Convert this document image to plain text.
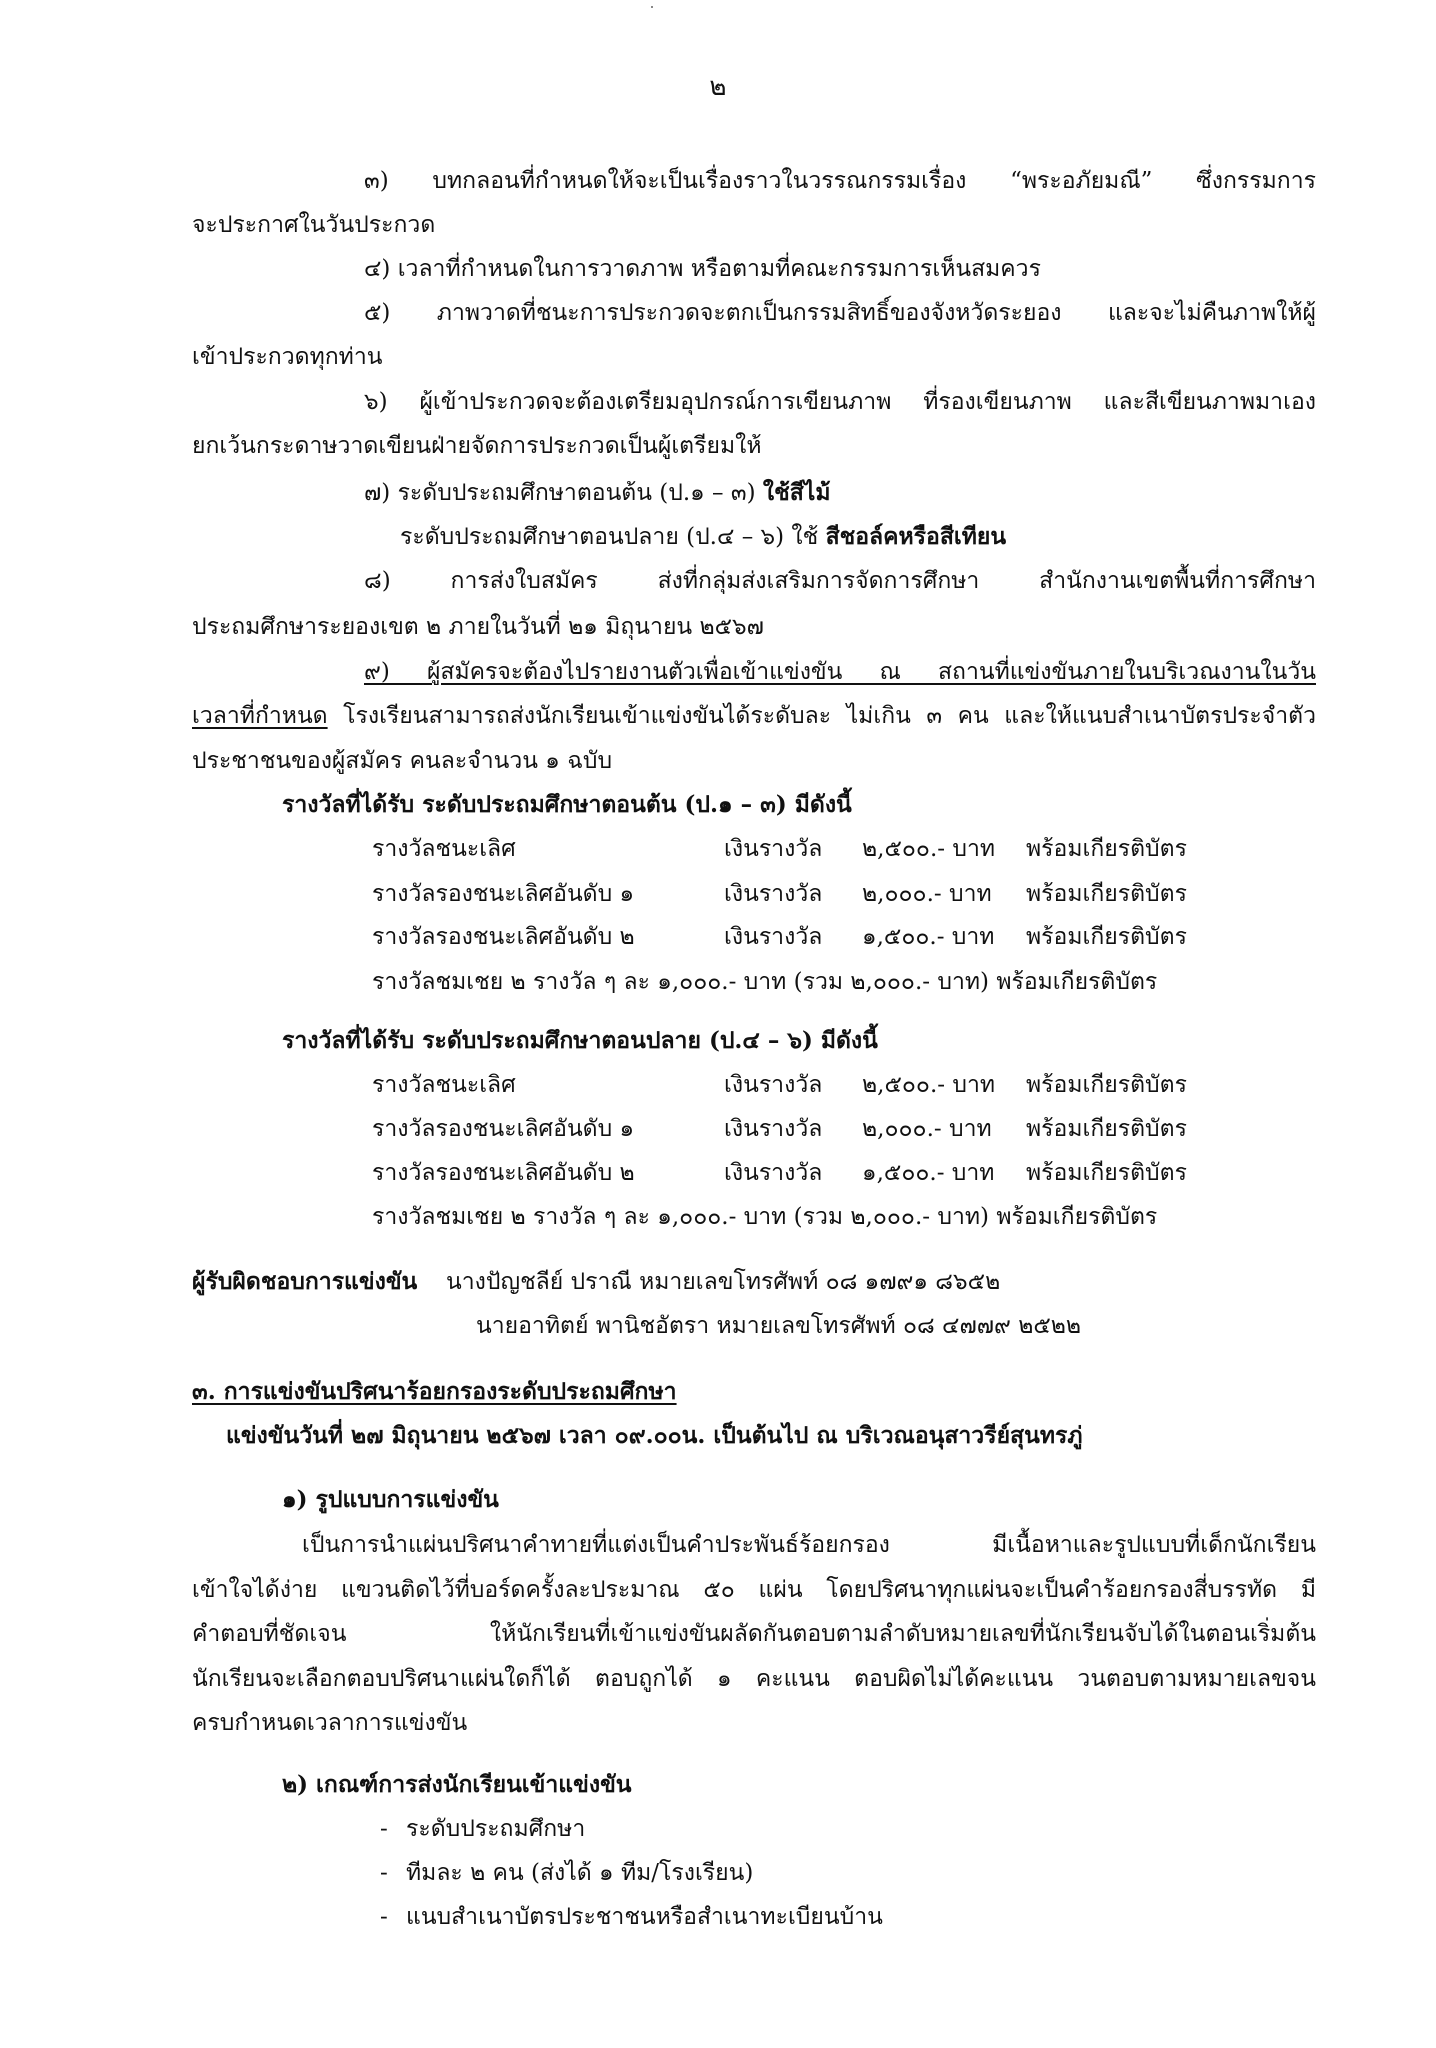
๒
๓) บทกลอนที่กำหนดให้จะเป็นเรื่องราวในวรรณกรรมเรื่อง “พระอภัยมณี” ซึ่งกรรมการ
จะประกาศในวันประกวด
๔) เวลาที่กำหนดในการวาดภาพ หรือตามที่คณะกรรมการเห็นสมควร
๕) ภาพวาดที่ชนะการประกวดจะตกเป็นกรรมสิทธิ์ของจังหวัดระยอง และจะไม่คืนภาพให้ผู้
เข้าประกวดทุกท่าน
๖) ผู้เข้าประกวดจะต้องเตรียมอุปกรณ์การเขียนภาพ ที่รองเขียนภาพ และสีเขียนภาพมาเอง
ยกเว้นกระดาษวาดเขียนฝ่ายจัดการประกวดเป็นผู้เตรียมให้
๗) ระดับประถมศึกษาตอนต้น (ป.๑ – ๓) ใช้สีไม้
ระดับประถมศึกษาตอนปลาย (ป.๔ – ๖) ใช้ สีชอล์คหรือสีเทียน
๘) การส่งใบสมัคร ส่งที่กลุ่มส่งเสริมการจัดการศึกษา สำนักงานเขตพื้นที่การศึกษา
ประถมศึกษาระยองเขต ๒ ภายในวันที่ ๒๑ มิถุนายน ๒๕๖๗
๙) ผู้สมัครจะต้องไปรายงานตัวเพื่อเข้าแข่งขัน ณ สถานที่แข่งขันภายในบริเวณงานในวัน
เวลาที่กำหนด โรงเรียนสามารถส่งนักเรียนเข้าแข่งขันได้ระดับละ ไม่เกิน ๓ คน และให้แนบสำเนาบัตรประจำตัว
ประชาชนของผู้สมัคร คนละจำนวน ๑ ฉบับ
รางวัลที่ได้รับ ระดับประถมศึกษาตอนต้น (ป.๑ – ๓) มีดังนี้
รางวัลชนะเลิศ	เงินรางวัล ๒,๕๐๐.- บาท พร้อมเกียรติบัตร
รางวัลรองชนะเลิศอันดับ ๑	เงินรางวัล ๒,๐๐๐.- บาท พร้อมเกียรติบัตร
รางวัลรองชนะเลิศอันดับ ๒	เงินรางวัล ๑,๕๐๐.- บาท พร้อมเกียรติบัตร
รางวัลชมเชย ๒ รางวัล ๆ ละ ๑,๐๐๐.- บาท (รวม ๒,๐๐๐.- บาท) พร้อมเกียรติบัตร
รางวัลที่ได้รับ ระดับประถมศึกษาตอนปลาย (ป.๔ – ๖) มีดังนี้
รางวัลชนะเลิศ	เงินรางวัล ๒,๕๐๐.- บาท พร้อมเกียรติบัตร
รางวัลรองชนะเลิศอันดับ ๑	เงินรางวัล ๒,๐๐๐.- บาท พร้อมเกียรติบัตร
รางวัลรองชนะเลิศอันดับ ๒	เงินรางวัล ๑,๕๐๐.- บาท พร้อมเกียรติบัตร
รางวัลชมเชย ๒ รางวัล ๆ ละ ๑,๐๐๐.- บาท (รวม ๒,๐๐๐.- บาท) พร้อมเกียรติบัตร
ผู้รับผิดชอบการแข่งขัน นางปัญชลีย์ ปราณี หมายเลขโทรศัพท์ ๐๘ ๑๗๙๑ ๘๖๕๒
นายอาทิตย์ พานิชอัตรา หมายเลขโทรศัพท์ ๐๘ ๔๗๗๙ ๒๕๒๒
๓. การแข่งขันปริศนาร้อยกรองระดับประถมศึกษา
แข่งขันวันที่ ๒๗ มิถุนายน ๒๕๖๗ เวลา ๐๙.๐๐น. เป็นต้นไป ณ บริเวณอนุสาวรีย์สุนทรภู่
๑) รูปแบบการแข่งขัน
เป็นการนำแผ่นปริศนาคำทายที่แต่งเป็นคำประพันธ์ร้อยกรอง มีเนื้อหาและรูปแบบที่เด็กนักเรียน
เข้าใจได้ง่าย แขวนติดไว้ที่บอร์ดครั้งละประมาณ ๕๐ แผ่น โดยปริศนาทุกแผ่นจะเป็นคำร้อยกรองสี่บรรทัด มี
คำตอบที่ชัดเจน ให้นักเรียนที่เข้าแข่งขันผลัดกันตอบตามลำดับหมายเลขที่นักเรียนจับได้ในตอนเริ่มต้น
นักเรียนจะเลือกตอบปริศนาแผ่นใดก็ได้ ตอบถูกได้ ๑ คะแนน ตอบผิดไม่ได้คะแนน วนตอบตามหมายเลขจน
ครบกำหนดเวลาการแข่งขัน
๒) เกณฑ์การส่งนักเรียนเข้าแข่งขัน
- ระดับประถมศึกษา
- ทีมละ ๒ คน (ส่งได้ ๑ ทีม/โรงเรียน)
- แนบสำเนาบัตรประชาชนหรือสำเนาทะเบียนบ้าน
